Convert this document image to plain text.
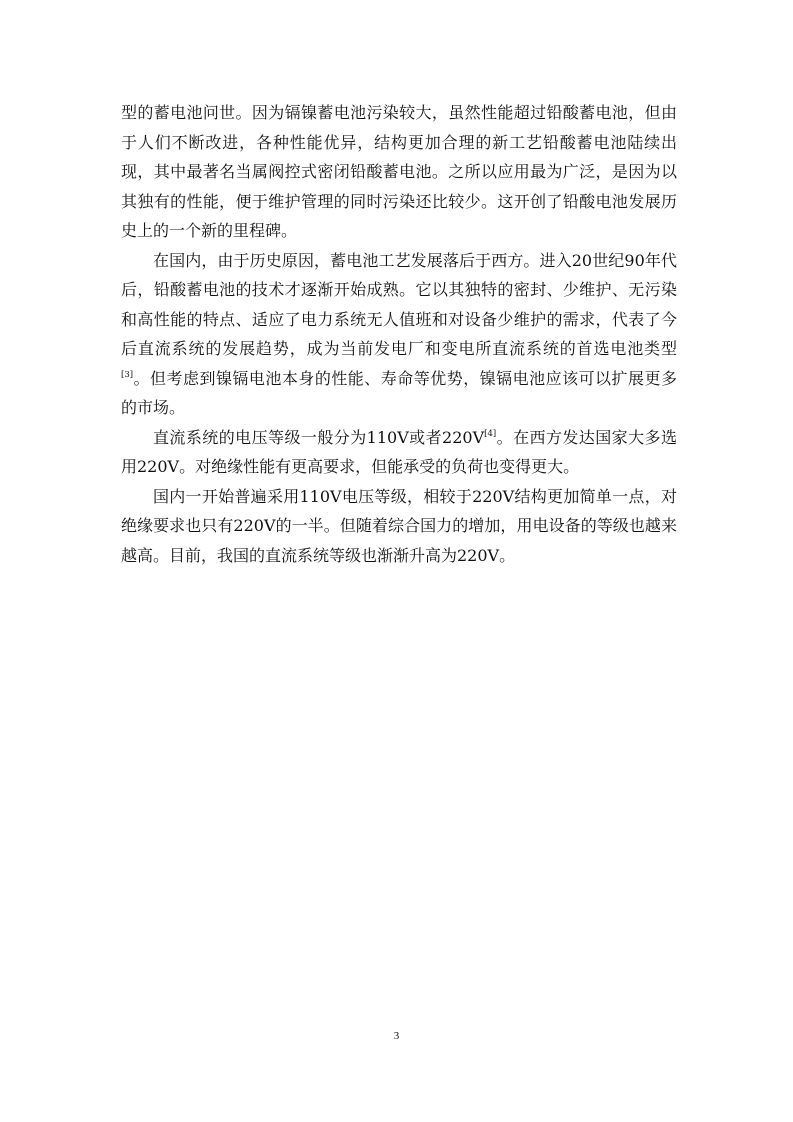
型的蓄电池问世。因为镉镍蓄电池污染较大，虽然性能超过铅酸蓄电池，但由于人们不断改进，各种性能优异，结构更加合理的新工艺铅酸蓄电池陆续出现，其中最著名当属阀控式密闭铅酸蓄电池。之所以应用最为广泛，是因为以其独有的性能，便于维护管理的同时污染还比较少。这开创了铅酸电池发展历史上的一个新的里程碑。

在国内，由于历史原因，蓄电池工艺发展落后于西方。进入20世纪90年代后，铅酸蓄电池的技术才逐渐开始成熟。它以其独特的密封、少维护、无污染和高性能的特点、适应了电力系统无人值班和对设备少维护的需求，代表了今后直流系统的发展趋势，成为当前发电厂和变电所直流系统的首选电池类型[3]。但考虑到镍镉电池本身的性能、寿命等优势，镍镉电池应该可以扩展更多的市场。

直流系统的电压等级一般分为110V或者220V[4]。在西方发达国家大多选用220V。对绝缘性能有更高要求，但能承受的负荷也变得更大。

国内一开始普遍采用110V电压等级，相较于220V结构更加简单一点，对绝缘要求也只有220V的一半。但随着综合国力的增加，用电设备的等级也越来越高。目前，我国的直流系统等级也渐渐升高为220V。

3
